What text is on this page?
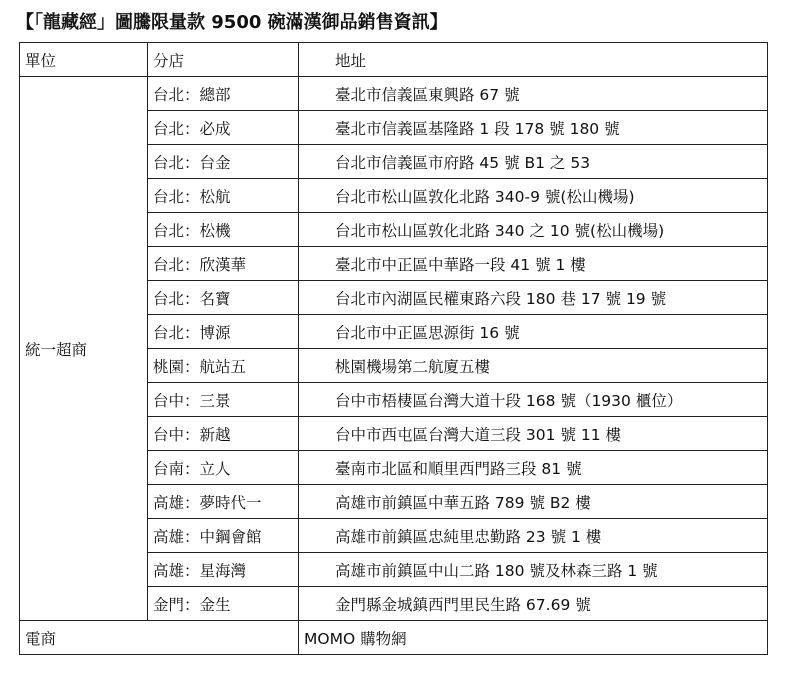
【「龍藏經」圖騰限量款 9500 碗滿漢御品銷售資訊】
單位	分店	地址
統一超商	台北：總部	臺北市信義區東興路 67 號
	台北：必成	臺北市信義區基隆路 1 段 178 號 180 號
	台北：台金	台北市信義區市府路 45 號 B1 之 53
	台北：松航	台北市松山區敦化北路 340-9 號(松山機場)
	台北：松機	台北市松山區敦化北路 340 之 10 號(松山機場)
	台北：欣漢華	臺北市中正區中華路一段 41 號 1 樓
	台北：名寶	台北市內湖區民權東路六段 180 巷 17 號 19 號
	台北：博源	台北市中正區思源街 16 號
	桃園：航站五	桃園機場第二航廈五樓
	台中：三景	台中市梧棲區台灣大道十段 168 號（1930 櫃位）
	台中：新越	台中市西屯區台灣大道三段 301 號 11 樓
	台南：立人	臺南市北區和順里西門路三段 81 號
	高雄：夢時代一	高雄市前鎮區中華五路 789 號 B2 樓
	高雄：中鋼會館	高雄市前鎮區忠純里忠勤路 23 號 1 樓
	高雄：星海灣	高雄市前鎮區中山二路 180 號及林森三路 1 號
	金門：金生	金門縣金城鎮西門里民生路 67.69 號
電商		MOMO 購物網
